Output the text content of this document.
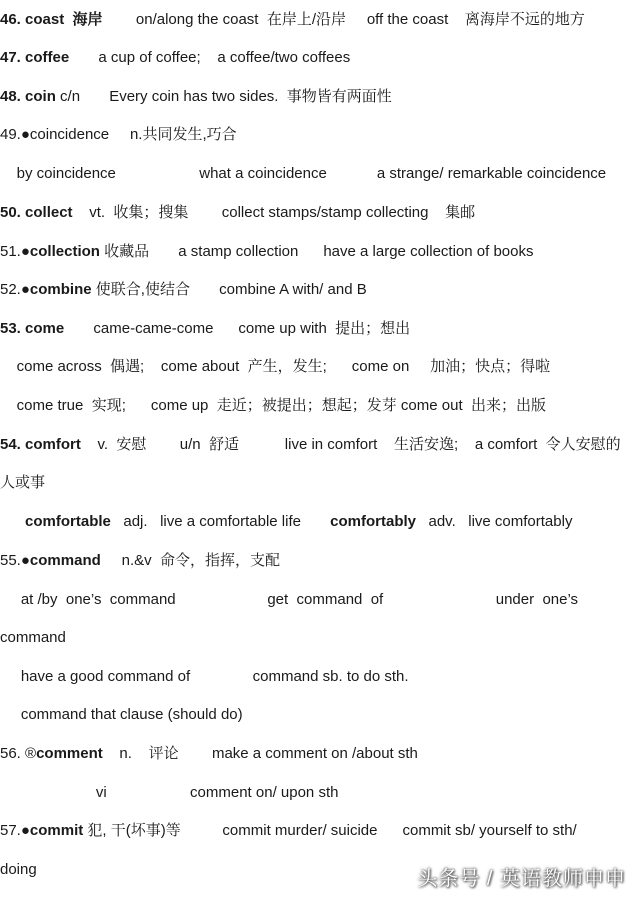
46. coast  海岸        on/along the coast  在岸上/沿岸     off the coast    离海岸不远的地方
47. coffee       a cup of coffee;    a coffee/two coffees
48. coin c/n       Every coin has two sides.  事物皆有两面性
49.●coincidence     n.共同发生,巧合
by coincidence                    what a coincidence            a strange/ remarkable coincidence
50. collect    vt.  收集；搜集        collect stamps/stamp collecting    集邮
51.●collection 收藏品       a stamp collection      have a large collection of books
52.●combine 使联合,使结合       combine A with/ and B
53. come       came-came-come      come up with  提出；想出
come across  偶遇;    come about  产生，发生;      come on     加油；快点；得啦
come true  实现;      come up  走近；被提出；想起；发芽 come out  出来；出版
54. comfort    v.  安慰        u/n  舒适           live in comfort    生活安逸;    a comfort  令人安慰的
人或事
comfortable   adj.   live a comfortable life       comfortably   adv.   live comfortably
55.●command     n.&v  命令，指挥，支配
at /by  one’s  command                      get  command  of                           under  one’s
command
have a good command of               command sb. to do sth.
command that clause (should do)
56. ®comment    n.    评论        make a comment on /about sth
vi                    comment on/ upon sth
57.●commit 犯, 干(坏事)等          commit murder/ suicide      commit sb/ yourself to sth/
doing	头条号 / 英语教师申申
